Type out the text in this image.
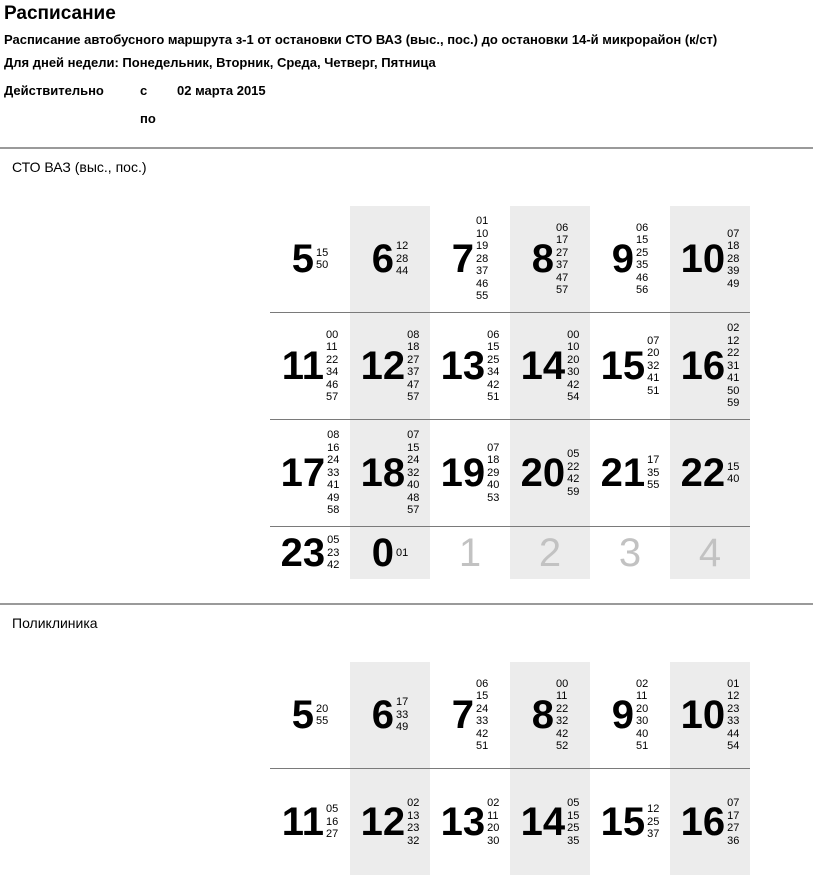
Расписание
Расписание автобусного маршрута з-1 от остановки СТО ВАЗ (выс., пос.) до остановки 14-й микрорайон (к/ст)
Для дней недели: Понедельник, Вторник, Среда, Четверг, Пятница
Действительно	с 02 марта 2015
по
СТО ВАЗ (выс., пос.)
5 15
50 6 12
28
44 7
01
10
19
28
37
46
55
8
06
17
27
37
47
57
9
06
15
25
35
46
56
10
07
18
28
39
49
11
00
11
22
34
46
57
12
08
18
27
37
47
57
13
06
15
25
34
42
51
14
00
10
20
30
42
54
15
07
20
32
41
51
16
02
12
22
31
41
50
59
17
08
16
24
33
41
49
58
18
07
15
24
32
40
48
57
19
07
18
29
40
53
20 05
22
42
59 21 17
35
55 22 15
40
23 05
23
42 0 01 1 2 3 4
Поликлиника
5 20
55 6 17
33
49 7
06
15
24
33
42
51
8
00
11
22
32
42
52
9
02
11
20
30
40
51
10
01
12
23
33
44
54
11 05
16
27 12 02
13
23
32 13 02
11
20
30 14 05
15
25
35 15 12
25
37 16 07
17
27
36
